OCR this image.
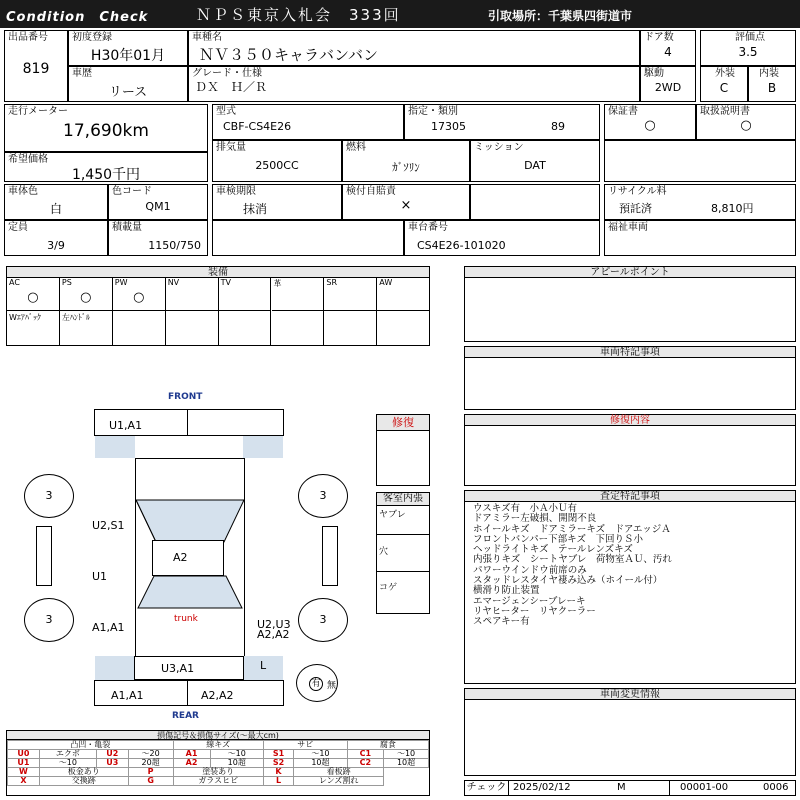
Condition　Check	ＮＰＳ東京入札会　333回	引取場所：千葉県四街道市
出品番号
819
初度登録
H30年01月
車種名
ＮＶ３５０キャラバンバン
ドア数
4
評価点
3.5
車歴
リース
グレード・仕様
ＤＸ　Ｈ／Ｒ
駆動
2WD
外装
C
内装
B
走行メーター
17,690km
型式
CBF-CS4E26
指定・類別
17305	89
保証書
○
取扱説明書
○
希望価格
1,450千円
排気量
2500CC
燃料
ｶﾞｿﾘﾝ
ミッション
DAT
車体色
白
色コード
QM1
車検期限
抹消
検付自賠責
×
リサイクル料
預託済	8,810円
定員
3/9
積載量
1150/750
車台番号
CS4E26-101020
福祉車両
装備
AC
○
PS
○
PW
○
NV	TV	革	SR	AW
Wｴｱﾊﾞｯｸ	左ﾊﾝﾄﾞﾙ
アピールポイント
車両特記事項
修復内容
査定特記事項
ウスキズ有　小Ａ小Ｕ有
ドアミラー左破損、開閉不良
ホイールキズ　ドアミラーキズ　ドアエッジＡ
フロントバンパー下部キズ　下回りＳ小
ヘッドライトキズ　テールレンズキズ
内張りキズ　シートヤブレ　荷物室ＡＵ、汚れ
パワーウインドウ前席のみ
スタッドレスタイヤ褄み込み（ホイール付）
横滑り防止装置
エマージェンシーブレーキ
リヤヒーター　リヤクーラー
スペアキー有
車両変更情報
チェック 2025/02/12	M	00001-00	0006
FRONT
REAR
U1,A1
A2
U2,S1
U1
A1,A1	U2,U3
A2,A2
trunk
3	3
3	3
U3,A1	L
A1,A1	A2,A2
有 無
修復
客室内張
ヤブレ
穴
コゲ
損傷記号＆損傷サイズ(～最大cm)
凸凹・亀裂				線キズ		サビ		腐食	
U0	エクボ	U2	～20	A1	～10	S1	～10	C1	～10
U1	～10	U3	20超	A2	10超	S2	10超	C2	10超
W	板金あり		P	塗装あり		K	看板跡		
X	交換跡		G	ガラスヒビ		L	レンズ割れ		
